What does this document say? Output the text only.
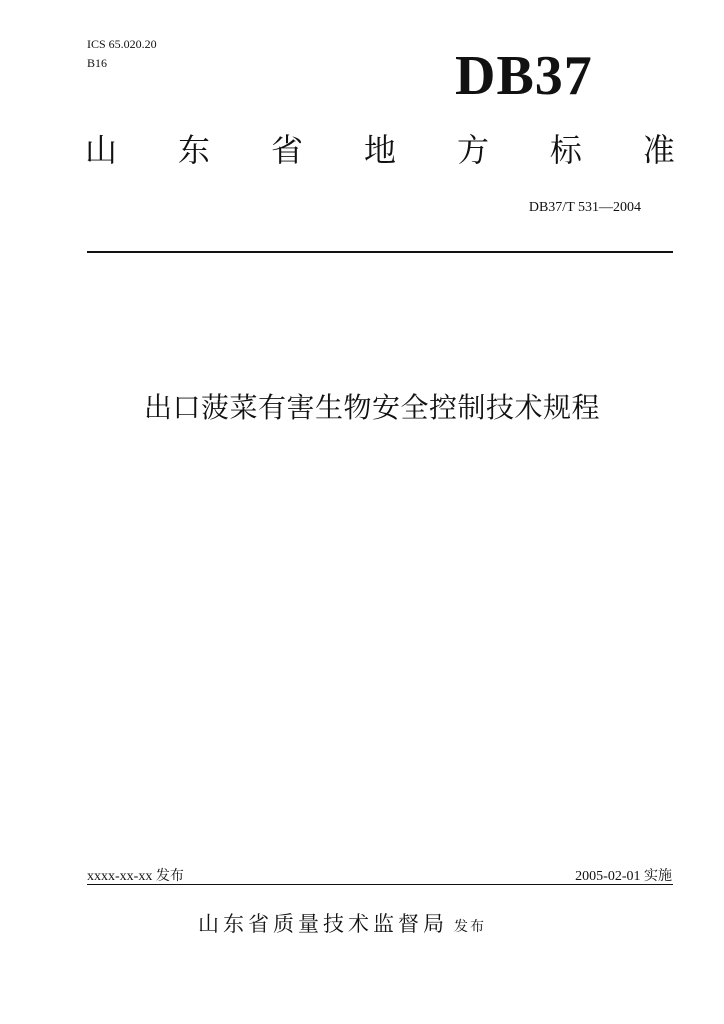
ICS 65.020.20
B16	DB37
山 东 省 地 方 标 准
DB37/T 531—2004
出口菠菜有害生物安全控制技术规程
xxxx-xx-xx 发布	2005-02-01 实施
山东省质量技术监督局 发布
